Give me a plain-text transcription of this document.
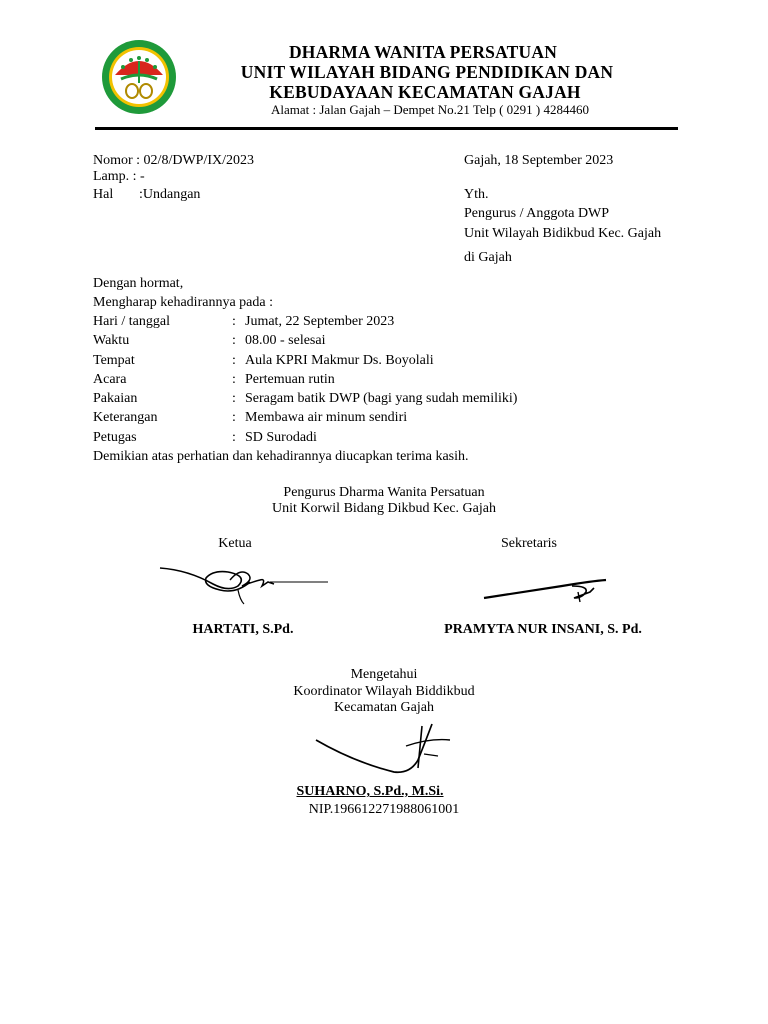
DHARMA WANITA PERSATUAN
UNIT WILAYAH BIDANG PENDIDIKAN DAN
KEBUDAYAAN KECAMATAN GAJAH
Alamat : Jalan Gajah – Dempet No.21 Telp ( 0291 ) 4284460
Nomor : 02/8/DWP/IX/2023
Lamp. : -
Hal :Undangan
Gajah, 18 September 2023
Yth.
Pengurus / Anggota DWP
Unit Wilayah Bidikbud Kec. Gajah
di Gajah
Dengan hormat,
Mengharap kehadirannya pada :
Hari / tanggal	: Jumat, 22 September 2023
Waktu	: 08.00 - selesai
Tempat	: Aula KPRI Makmur Ds. Boyolali
Acara	: Pertemuan rutin
Pakaian	: Seragam batik DWP (bagi yang sudah memiliki)
Keterangan	: Membawa air minum sendiri
Petugas	: SD Surodadi
Demikian atas perhatian dan kehadirannya diucapkan terima kasih.
Pengurus Dharma Wanita Persatuan
Unit Korwil Bidang Dikbud Kec. Gajah
Ketua	Sekretaris
HARTATI, S.Pd.	PRAMYTA NUR INSANI, S. Pd.
Mengetahui
Koordinator Wilayah Biddikbud
Kecamatan Gajah
SUHARNO, S.Pd., M.Si.
NIP.196612271988061001
